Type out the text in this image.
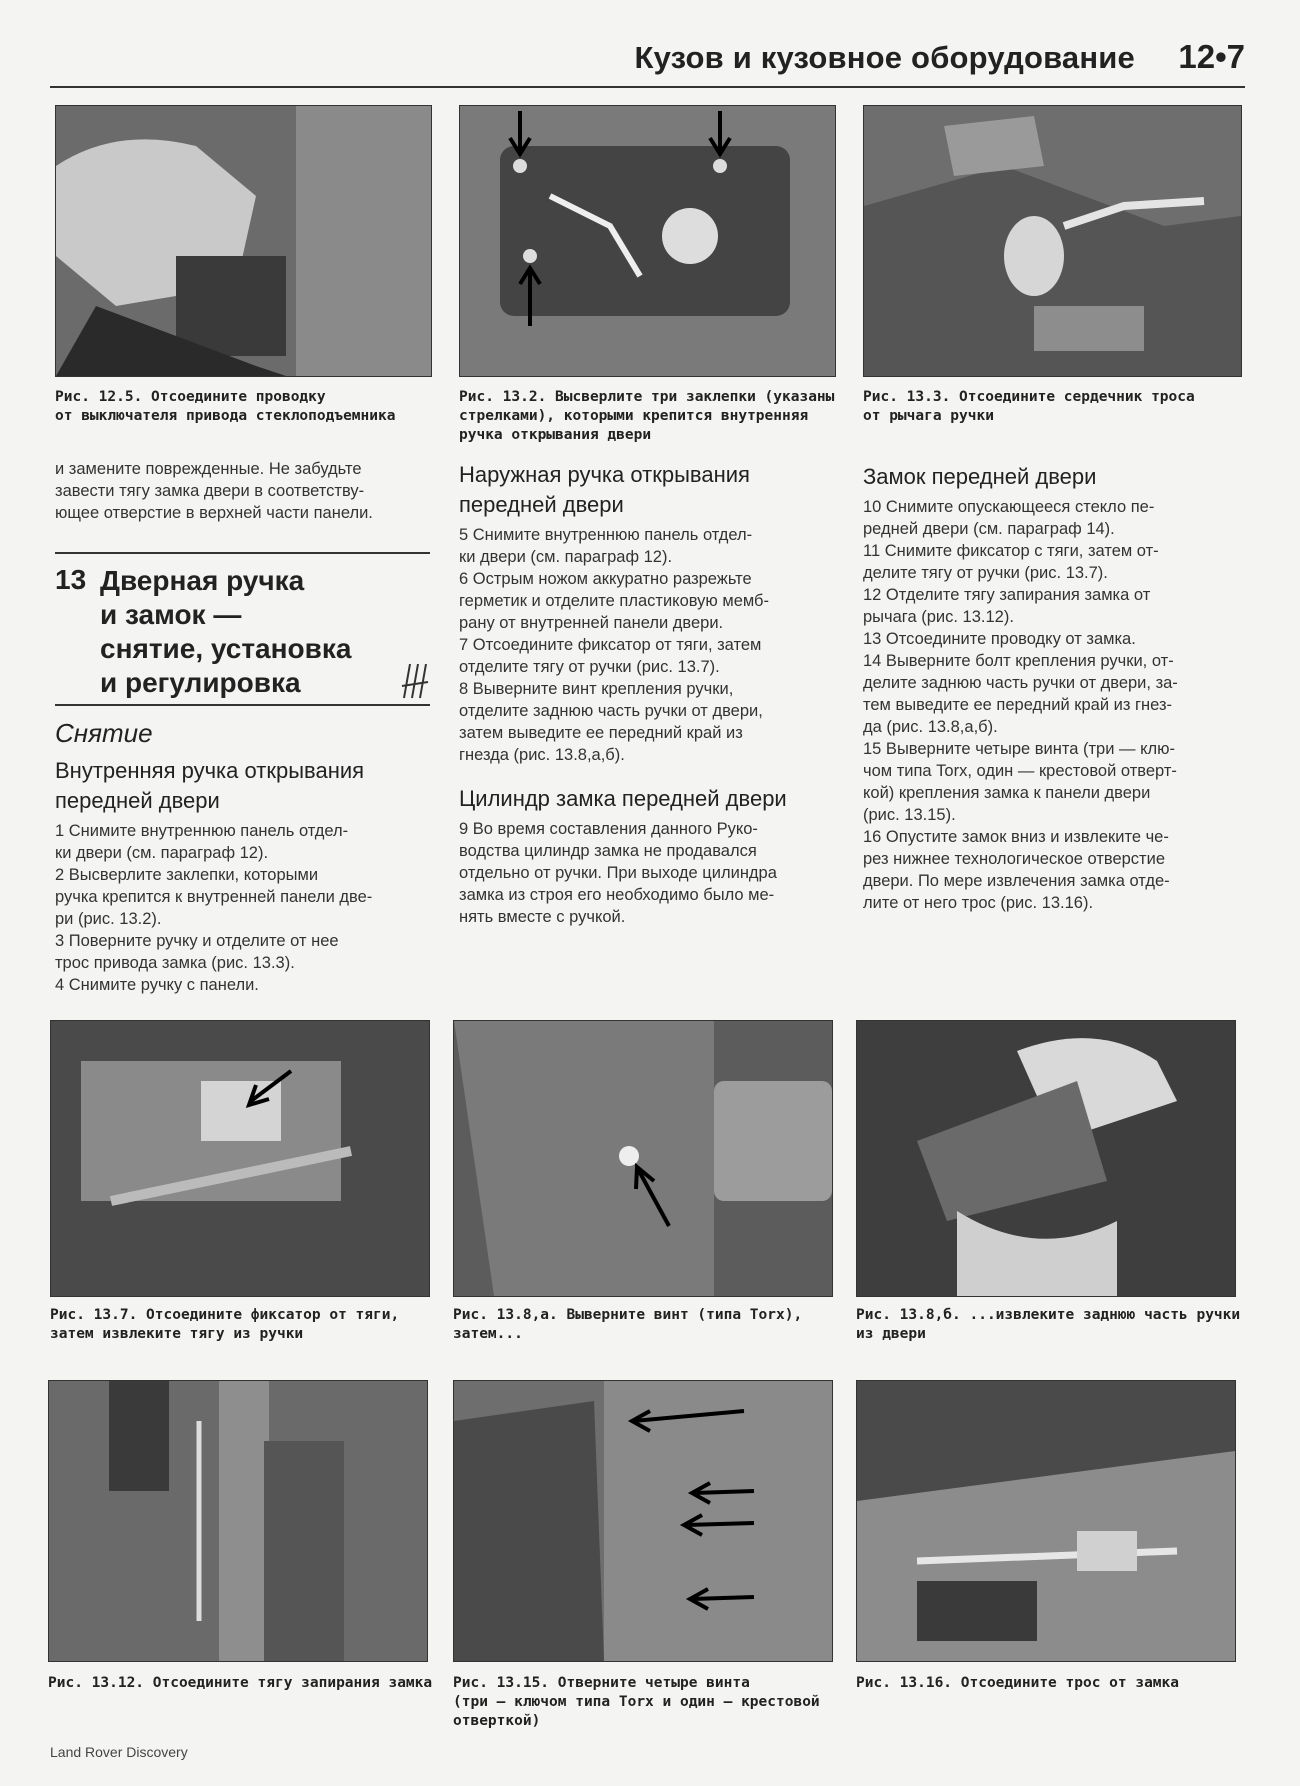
Кузов и кузовное оборудование 12•7
Рис. 12.5. Отсоедините проводку
от выключателя привода стеклоподъемника
Рис. 13.2. Высверлите три заклепки (указаны
стрелками), которыми крепится внутренняя
ручка открывания двери
Рис. 13.3. Отсоедините сердечник троса
от рычага ручки
и замените поврежденные. Не забудьте
завести тягу замка двери в соответству-
ющее отверстие в верхней части панели.
13 Дверная ручка
и замок —
снятие, установка
и регулировка
Снятие
Внутренняя ручка открывания
передней двери
1 Снимите внутреннюю панель отдел-
ки двери (см. параграф 12).
2 Высверлите заклепки, которыми
ручка крепится к внутренней панели две-
ри (рис. 13.2).
3 Поверните ручку и отделите от нее
трос привода замка (рис. 13.3).
4 Снимите ручку с панели.
Наружная ручка открывания
передней двери
5 Снимите внутреннюю панель отдел-
ки двери (см. параграф 12).
6 Острым ножом аккуратно разрежьте
герметик и отделите пластиковую мемб-
рану от внутренней панели двери.
7 Отсоедините фиксатор от тяги, затем
отделите тягу от ручки (рис. 13.7).
8 Выверните винт крепления ручки,
отделите заднюю часть ручки от двери,
затем выведите ее передний край из
гнезда (рис. 13.8,а,б).
Цилиндр замка передней двери
9 Во время составления данного Руко-
водства цилиндр замка не продавался
отдельно от ручки. При выходе цилиндра
замка из строя его необходимо было ме-
нять вместе с ручкой.
Замок передней двери
10 Снимите опускающееся стекло пе-
редней двери (см. параграф 14).
11 Снимите фиксатор с тяги, затем от-
делите тягу от ручки (рис. 13.7).
12 Отделите тягу запирания замка от
рычага (рис. 13.12).
13 Отсоедините проводку от замка.
14 Выверните болт крепления ручки, от-
делите заднюю часть ручки от двери, за-
тем выведите ее передний край из гнез-
да (рис. 13.8,а,б).
15 Выверните четыре винта (три — клю-
чом типа Torx, один — крестовой отверт-
кой) крепления замка к панели двери
(рис. 13.15).
16 Опустите замок вниз и извлеките че-
рез нижнее технологическое отверстие
двери. По мере извлечения замка отде-
лите от него трос (рис. 13.16).
Рис. 13.7. Отсоедините фиксатор от тяги,
затем извлеките тягу из ручки
Рис. 13.8,а. Выверните винт (типа Torx),
затем...
Рис. 13.8,б. ...извлеките заднюю часть ручки
из двери
Рис. 13.12. Отсоедините тягу запирания замка Рис. 13.15. Отверните четыре винта
(три — ключом типа Torx и один — крестовой
отверткой)
Рис. 13.16. Отсоедините трос от замка
Land Rover Discovery
